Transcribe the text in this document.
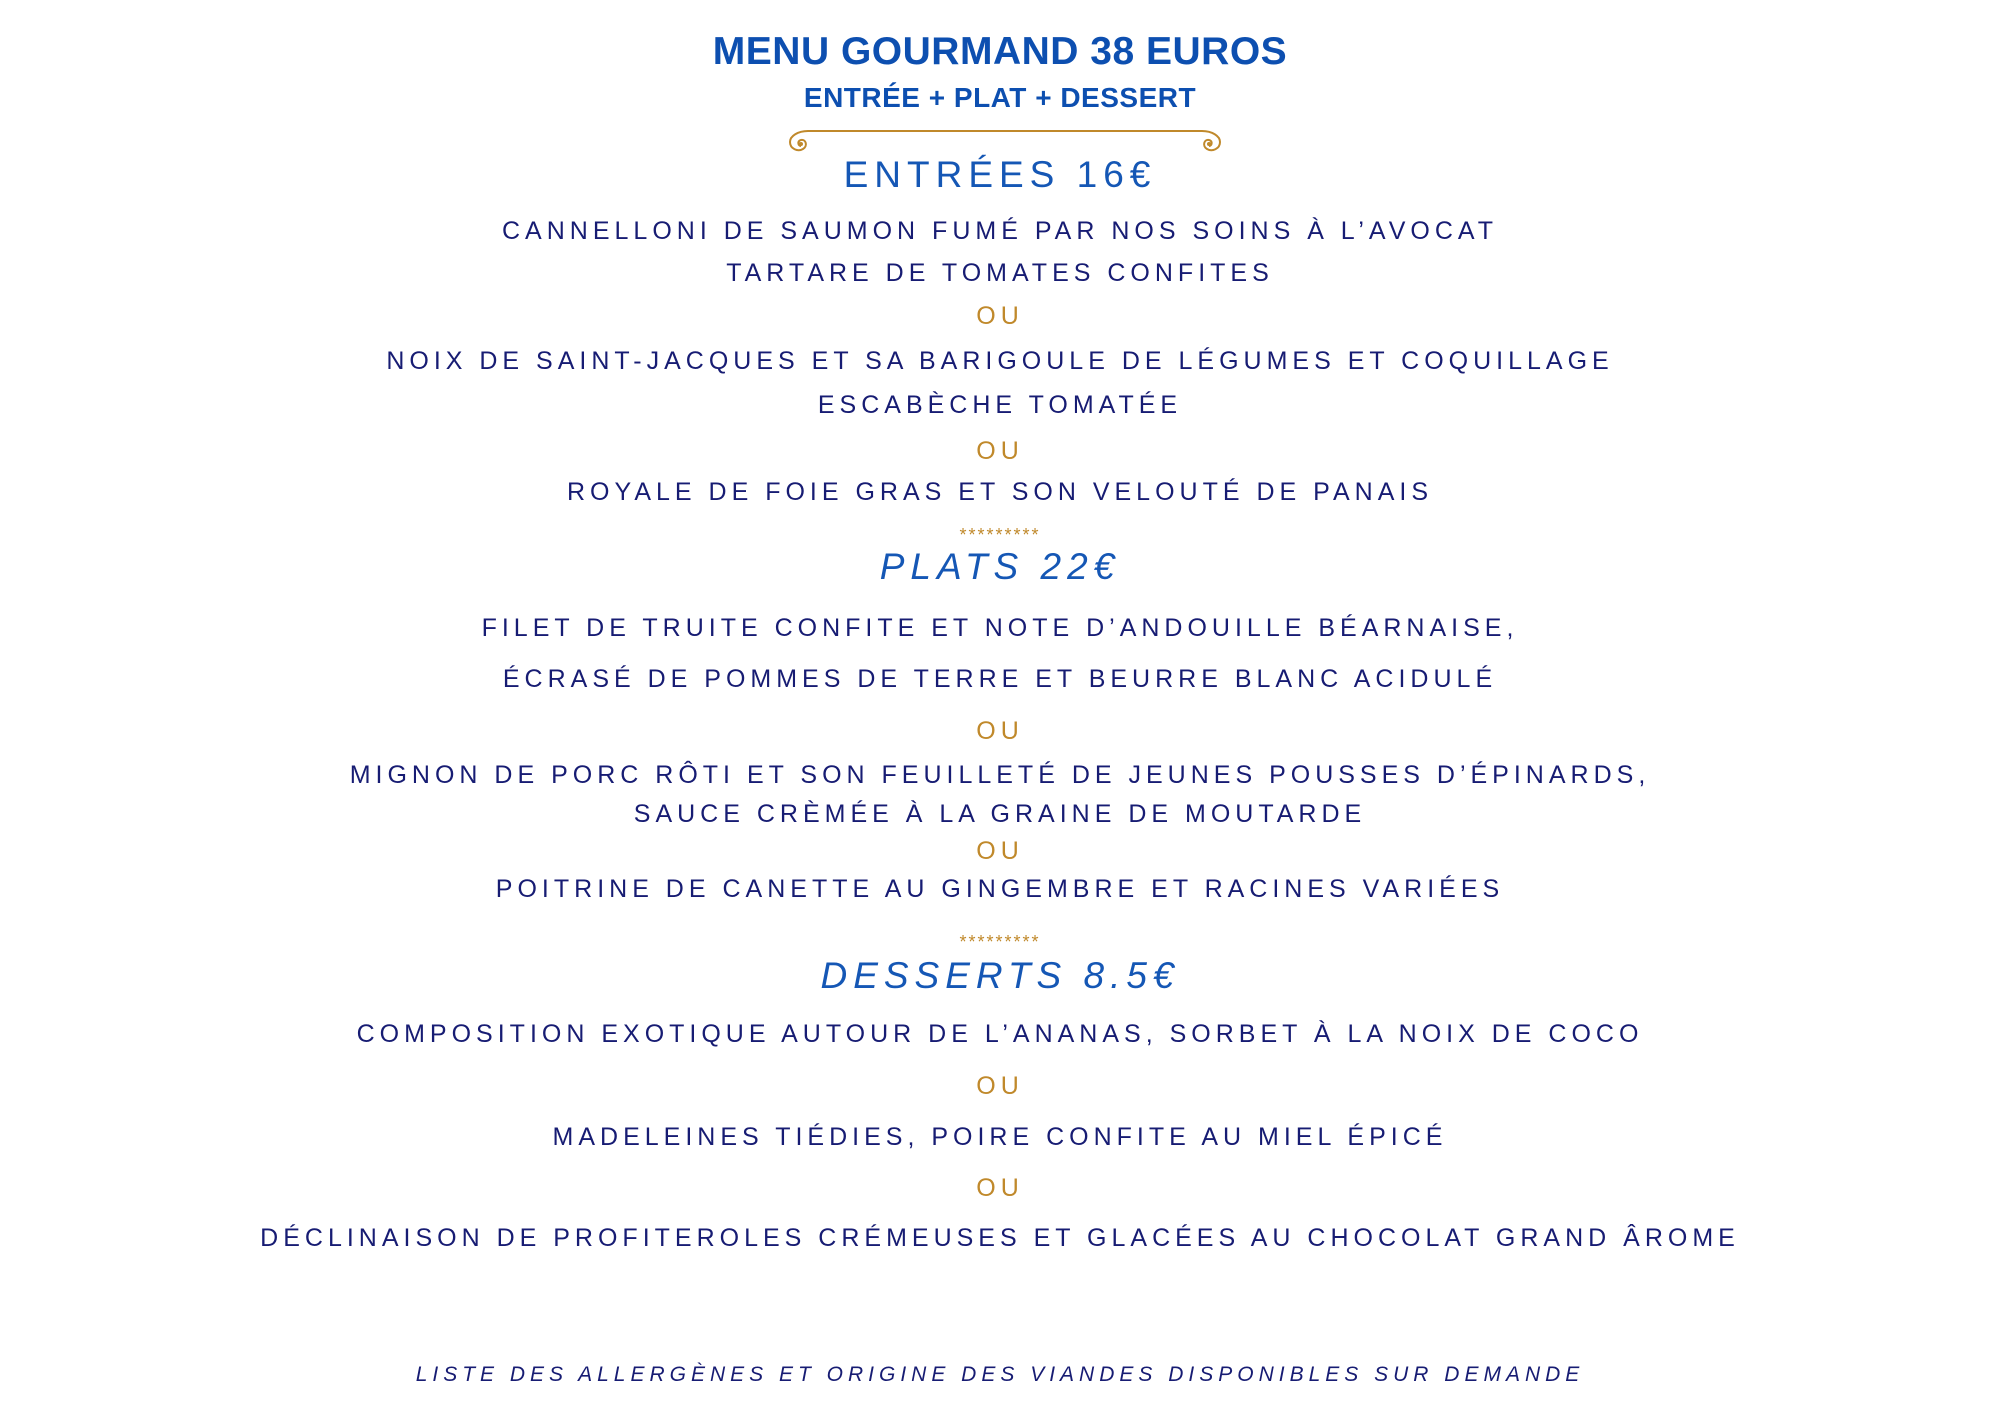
MENU GOURMAND 38 EUROS
ENTRÉE + PLAT + DESSERT
ENTRÉES 16€
CANNELLONI DE SAUMON FUMÉ PAR NOS SOINS À L’AVOCAT
TARTARE DE TOMATES CONFITES
OU
NOIX DE SAINT-JACQUES ET SA BARIGOULE DE LÉGUMES ET COQUILLAGE
ESCABÈCHE TOMATÉE
OU
ROYALE DE FOIE GRAS ET SON VELOUTÉ DE PANAIS
*********
PLATS 22€
FILET DE TRUITE CONFITE ET NOTE D’ANDOUILLE BÉARNAISE,
ÉCRASÉ DE POMMES DE TERRE ET BEURRE BLANC ACIDULÉ
OU
MIGNON DE PORC RÔTI ET SON FEUILLETÉ DE JEUNES POUSSES D’ÉPINARDS,
SAUCE CRÈMÉE À LA GRAINE DE MOUTARDE
OU
POITRINE DE CANETTE AU GINGEMBRE ET RACINES VARIÉES
*********
DESSERTS 8.5€
COMPOSITION EXOTIQUE AUTOUR DE L’ANANAS, SORBET À LA NOIX DE COCO
OU
MADELEINES TIÉDIES, POIRE CONFITE AU MIEL ÉPICÉ
OU
DÉCLINAISON DE PROFITEROLES CRÉMEUSES ET GLACÉES AU CHOCOLAT GRAND ÂROME
LISTE DES ALLERGÈNES ET ORIGINE DES VIANDES DISPONIBLES SUR DEMANDE
